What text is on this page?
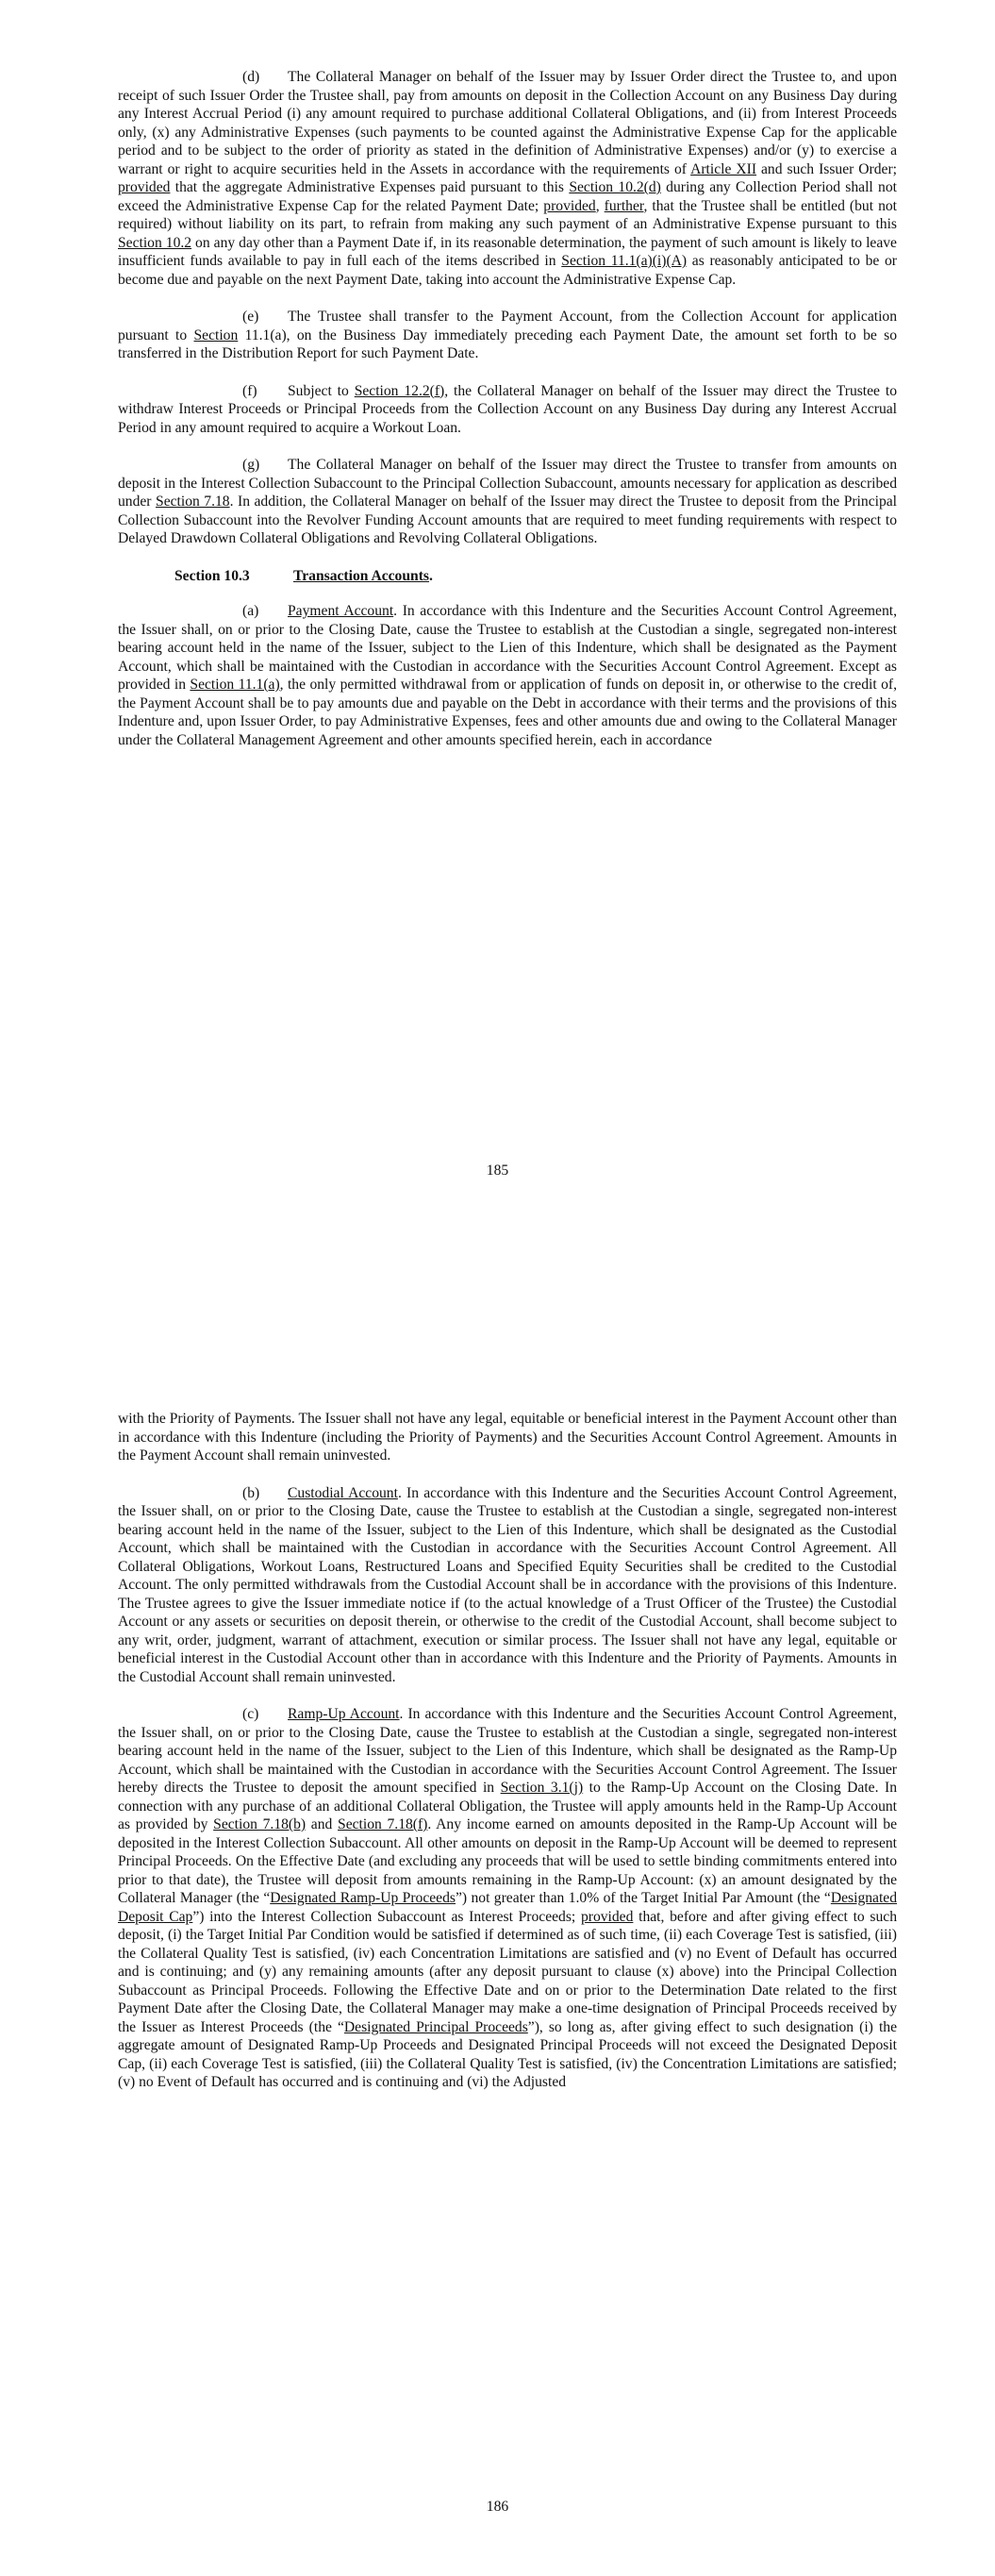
(d) The Collateral Manager on behalf of the Issuer may by Issuer Order direct the Trustee to, and upon receipt of such Issuer Order the Trustee shall, pay from amounts on deposit in the Collection Account on any Business Day during any Interest Accrual Period (i) any amount required to purchase additional Collateral Obligations, and (ii) from Interest Proceeds only, (x) any Administrative Expenses (such payments to be counted against the Administrative Expense Cap for the applicable period and to be subject to the order of priority as stated in the definition of Administrative Expenses) and/or (y) to exercise a warrant or right to acquire securities held in the Assets in accordance with the requirements of Article XII and such Issuer Order; provided that the aggregate Administrative Expenses paid pursuant to this Section 10.2(d) during any Collection Period shall not exceed the Administrative Expense Cap for the related Payment Date; provided, further, that the Trustee shall be entitled (but not required) without liability on its part, to refrain from making any such payment of an Administrative Expense pursuant to this Section 10.2 on any day other than a Payment Date if, in its reasonable determination, the payment of such amount is likely to leave insufficient funds available to pay in full each of the items described in Section 11.1(a)(i)(A) as reasonably anticipated to be or become due and payable on the next Payment Date, taking into account the Administrative Expense Cap.

(e) The Trustee shall transfer to the Payment Account, from the Collection Account for application pursuant to Section 11.1(a), on the Business Day immediately preceding each Payment Date, the amount set forth to be so transferred in the Distribution Report for such Payment Date.

(f) Subject to Section 12.2(f), the Collateral Manager on behalf of the Issuer may direct the Trustee to withdraw Interest Proceeds or Principal Proceeds from the Collection Account on any Business Day during any Interest Accrual Period in any amount required to acquire a Workout Loan.

(g) The Collateral Manager on behalf of the Issuer may direct the Trustee to transfer from amounts on deposit in the Interest Collection Subaccount to the Principal Collection Subaccount, amounts necessary for application as described under Section 7.18. In addition, the Collateral Manager on behalf of the Issuer may direct the Trustee to deposit from the Principal Collection Subaccount into the Revolver Funding Account amounts that are required to meet funding requirements with respect to Delayed Drawdown Collateral Obligations and Revolving Collateral Obligations.

Section 10.3	Transaction Accounts.

(a) Payment Account. In accordance with this Indenture and the Securities Account Control Agreement, the Issuer shall, on or prior to the Closing Date, cause the Trustee to establish at the Custodian a single, segregated non-interest bearing account held in the name of the Issuer, subject to the Lien of this Indenture, which shall be designated as the Payment Account, which shall be maintained with the Custodian in accordance with the Securities Account Control Agreement. Except as provided in Section 11.1(a), the only permitted withdrawal from or application of funds on deposit in, or otherwise to the credit of, the Payment Account shall be to pay amounts due and payable on the Debt in accordance with their terms and the provisions of this Indenture and, upon Issuer Order, to pay Administrative Expenses, fees and other amounts due and owing to the Collateral Manager under the Collateral Management Agreement and other amounts specified herein, each in accordance

185

with the Priority of Payments. The Issuer shall not have any legal, equitable or beneficial interest in the Payment Account other than in accordance with this Indenture (including the Priority of Payments) and the Securities Account Control Agreement. Amounts in the Payment Account shall remain uninvested.

(b) Custodial Account. In accordance with this Indenture and the Securities Account Control Agreement, the Issuer shall, on or prior to the Closing Date, cause the Trustee to establish at the Custodian a single, segregated non-interest bearing account held in the name of the Issuer, subject to the Lien of this Indenture, which shall be designated as the Custodial Account, which shall be maintained with the Custodian in accordance with the Securities Account Control Agreement. All Collateral Obligations, Workout Loans, Restructured Loans and Specified Equity Securities shall be credited to the Custodial Account. The only permitted withdrawals from the Custodial Account shall be in accordance with the provisions of this Indenture. The Trustee agrees to give the Issuer immediate notice if (to the actual knowledge of a Trust Officer of the Trustee) the Custodial Account or any assets or securities on deposit therein, or otherwise to the credit of the Custodial Account, shall become subject to any writ, order, judgment, warrant of attachment, execution or similar process. The Issuer shall not have any legal, equitable or beneficial interest in the Custodial Account other than in accordance with this Indenture and the Priority of Payments. Amounts in the Custodial Account shall remain uninvested.

(c) Ramp-Up Account. In accordance with this Indenture and the Securities Account Control Agreement, the Issuer shall, on or prior to the Closing Date, cause the Trustee to establish at the Custodian a single, segregated non-interest bearing account held in the name of the Issuer, subject to the Lien of this Indenture, which shall be designated as the Ramp-Up Account, which shall be maintained with the Custodian in accordance with the Securities Account Control Agreement. The Issuer hereby directs the Trustee to deposit the amount specified in Section 3.1(j) to the Ramp-Up Account on the Closing Date. In connection with any purchase of an additional Collateral Obligation, the Trustee will apply amounts held in the Ramp-Up Account as provided by Section 7.18(b) and Section 7.18(f). Any income earned on amounts deposited in the Ramp-Up Account will be deposited in the Interest Collection Subaccount. All other amounts on deposit in the Ramp-Up Account will be deemed to represent Principal Proceeds. On the Effective Date (and excluding any proceeds that will be used to settle binding commitments entered into prior to that date), the Trustee will deposit from amounts remaining in the Ramp-Up Account: (x) an amount designated by the Collateral Manager (the “Designated Ramp-Up Proceeds”) not greater than 1.0% of the Target Initial Par Amount (the “Designated Deposit Cap”) into the Interest Collection Subaccount as Interest Proceeds; provided that, before and after giving effect to such deposit, (i) the Target Initial Par Condition would be satisfied if determined as of such time, (ii) each Coverage Test is satisfied, (iii) the Collateral Quality Test is satisfied, (iv) each Concentration Limitations are satisfied and (v) no Event of Default has occurred and is continuing; and (y) any remaining amounts (after any deposit pursuant to clause (x) above) into the Principal Collection Subaccount as Principal Proceeds. Following the Effective Date and on or prior to the Determination Date related to the first Payment Date after the Closing Date, the Collateral Manager may make a one-time designation of Principal Proceeds received by the Issuer as Interest Proceeds (the “Designated Principal Proceeds”), so long as, after giving effect to such designation (i) the aggregate amount of Designated Ramp-Up Proceeds and Designated Principal Proceeds will not exceed the Designated Deposit Cap, (ii) each Coverage Test is satisfied, (iii) the Collateral Quality Test is satisfied, (iv) the Concentration Limitations are satisfied; (v) no Event of Default has occurred and is continuing and (vi) the Adjusted

186
